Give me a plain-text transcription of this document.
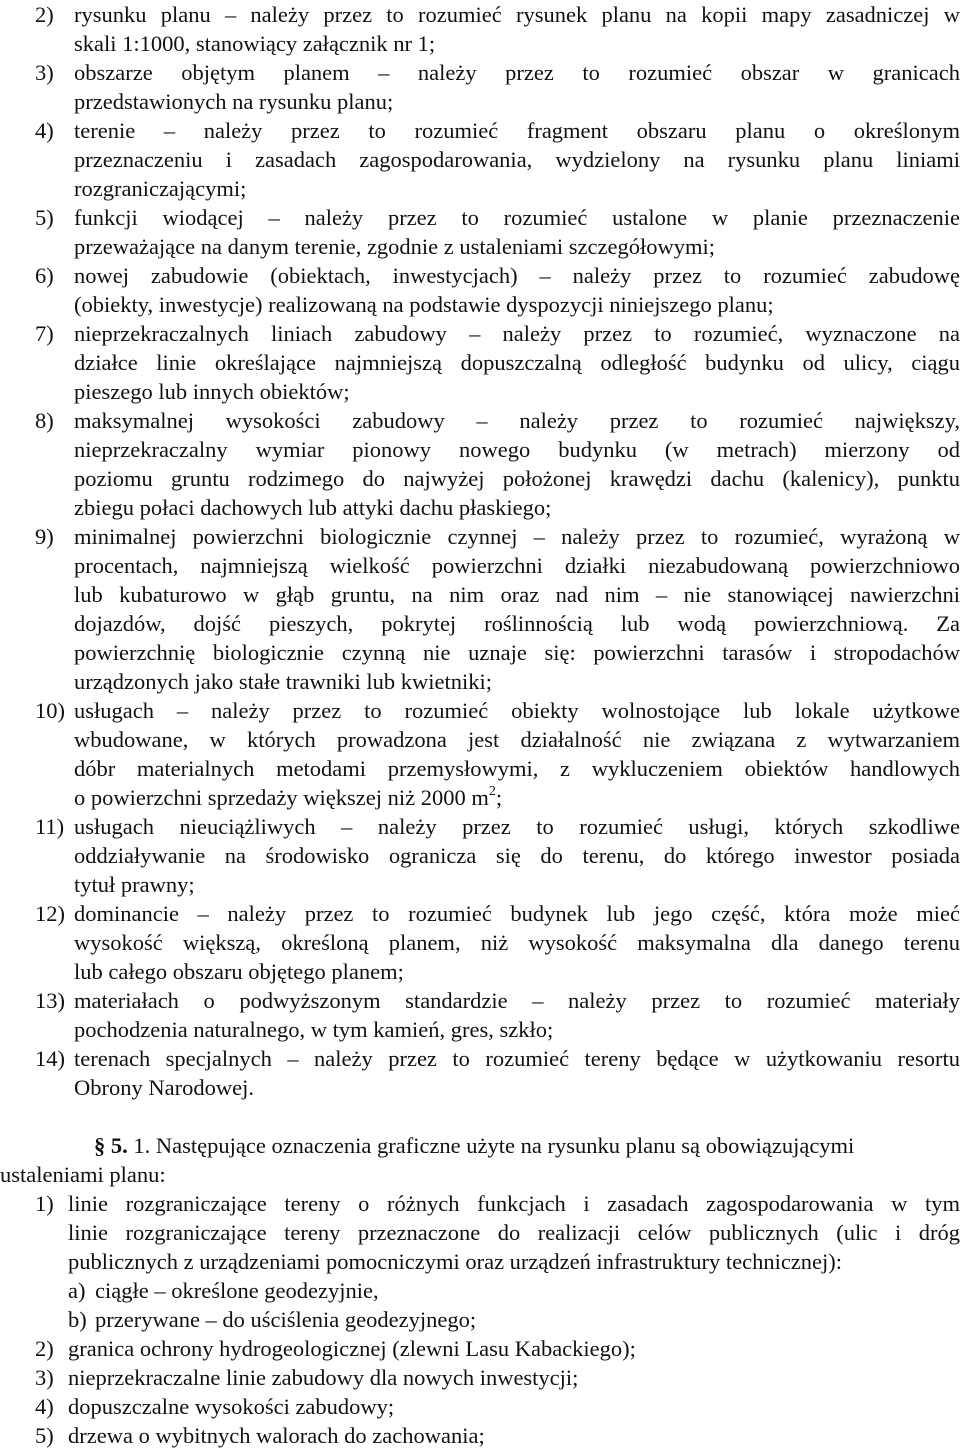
2) rysunku planu – należy przez to rozumieć rysunek planu na kopii mapy zasadniczej w
skali 1:1000, stanowiący załącznik nr 1;
3) obszarze objętym planem – należy przez to rozumieć obszar w granicach
przedstawionych na rysunku planu;
4) terenie – należy przez to rozumieć fragment obszaru planu o określonym
przeznaczeniu i zasadach zagospodarowania, wydzielony na rysunku planu liniami
rozgraniczającymi;
5) funkcji wiodącej – należy przez to rozumieć ustalone w planie przeznaczenie
przeważające na danym terenie, zgodnie z ustaleniami szczegółowymi;
6) nowej zabudowie (obiektach, inwestycjach) – należy przez to rozumieć zabudowę
(obiekty, inwestycje) realizowaną na podstawie dyspozycji niniejszego planu;
7) nieprzekraczalnych liniach zabudowy – należy przez to rozumieć, wyznaczone na
działce linie określające najmniejszą dopuszczalną odległość budynku od ulicy, ciągu
pieszego lub innych obiektów;
8) maksymalnej wysokości zabudowy – należy przez to rozumieć największy,
nieprzekraczalny wymiar pionowy nowego budynku (w metrach) mierzony od
poziomu gruntu rodzimego do najwyżej położonej krawędzi dachu (kalenicy), punktu
zbiegu połaci dachowych lub attyki dachu płaskiego;
9) minimalnej powierzchni biologicznie czynnej – należy przez to rozumieć, wyrażoną w
procentach, najmniejszą wielkość powierzchni działki niezabudowaną powierzchniowo
lub kubaturowo w głąb gruntu, na nim oraz nad nim – nie stanowiącej nawierzchni
dojazdów, dojść pieszych, pokrytej roślinnością lub wodą powierzchniową. Za
powierzchnię biologicznie czynną nie uznaje się: powierzchni tarasów i stropodachów
urządzonych jako stałe trawniki lub kwietniki;
10) usługach – należy przez to rozumieć obiekty wolnostojące lub lokale użytkowe
wbudowane, w których prowadzona jest działalność nie związana z wytwarzaniem
dóbr materialnych metodami przemysłowymi, z wykluczeniem obiektów handlowych
o powierzchni sprzedaży większej niż 2000 $m^2$;
11) usługach nieuciążliwych – należy przez to rozumieć usługi, których szkodliwe
oddziaływanie na środowisko ogranicza się do terenu, do którego inwestor posiada
tytuł prawny;
12) dominancie – należy przez to rozumieć budynek lub jego część, która może mieć
wysokość większą, określoną planem, niż wysokość maksymalna dla danego terenu
lub całego obszaru objętego planem;
13) materiałach o podwyższonym standardzie – należy przez to rozumieć materiały
pochodzenia naturalnego, w tym kamień, gres, szkło;
14) terenach specjalnych – należy przez to rozumieć tereny będące w użytkowaniu resortu
Obrony Narodowej.
§ 5. 1. Następujące oznaczenia graficzne użyte na rysunku planu są obowiązującymi
ustaleniami planu:
1) linie rozgraniczające tereny o różnych funkcjach i zasadach zagospodarowania w tym
linie rozgraniczające tereny przeznaczone do realizacji celów publicznych (ulic i dróg
publicznych z urządzeniami pomocniczymi oraz urządzeń infrastruktury technicznej):
a) ciągłe – określone geodezyjnie,
b) przerywane – do uściślenia geodezyjnego;
2) granica ochrony hydrogeologicznej (zlewni Lasu Kabackiego);
3) nieprzekraczalne linie zabudowy dla nowych inwestycji;
4) dopuszczalne wysokości zabudowy;
5) drzewa o wybitnych walorach do zachowania;
